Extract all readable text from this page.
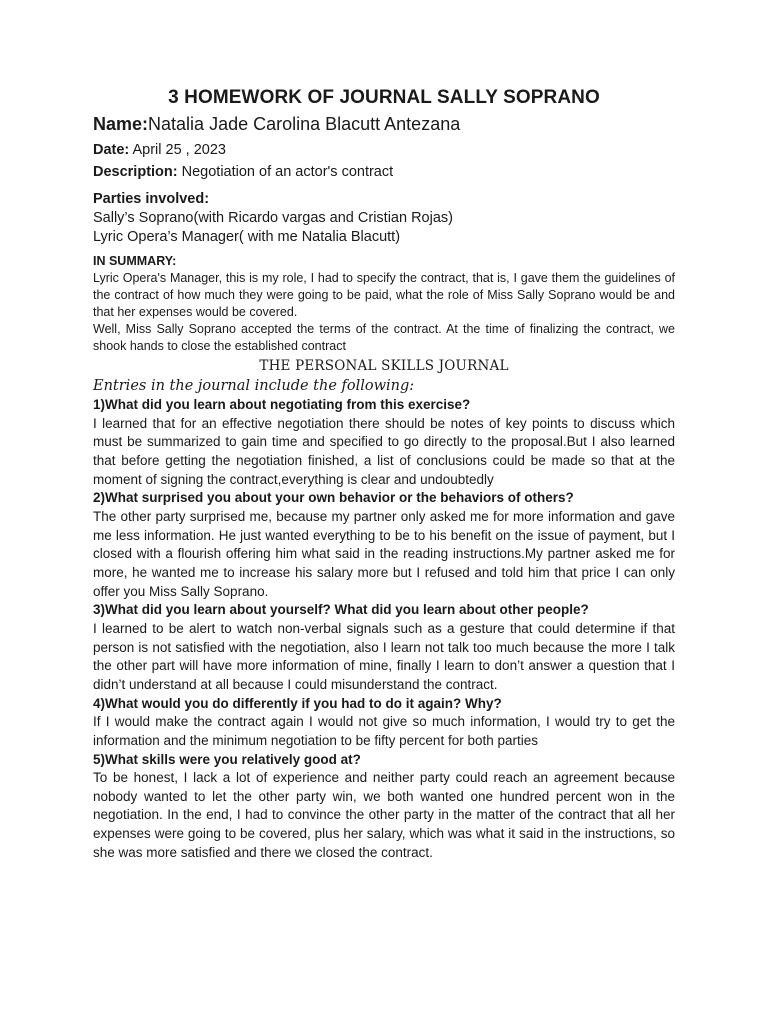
3 HOMEWORK OF JOURNAL SALLY SOPRANO

Name:Natalia Jade Carolina Blacutt Antezana

Date: April 25 , 2023

Description: Negotiation of an actor's contract

Parties involved:

Sally’s Soprano(with Ricardo vargas and Cristian Rojas)

Lyric Opera’s Manager( with me Natalia Blacutt)

IN SUMMARY:

Lyric Opera's Manager, this is my role, I had to specify the contract, that is, I gave them the guidelines of the contract of how much they were going to be paid, what the role of Miss Sally Soprano would be and that her expenses would be covered.

Well, Miss Sally Soprano accepted the terms of the contract. At the time of finalizing the contract, we shook hands to close the established contract

THE PERSONAL SKILLS JOURNAL

Entries in the journal include the following:

1)What did you learn about negotiating from this exercise?

I learned that for an effective negotiation there should be notes of key points to discuss which must be summarized to gain time and specified to go directly to the proposal.But I also learned that before getting the negotiation finished, a list of conclusions could be made so that at the moment of signing the contract,everything is clear and undoubtedly

2)What surprised you about your own behavior or the behaviors of others?

The other party surprised me, because my partner only asked me for more information and gave me less information. He just wanted everything to be to his benefit on the issue of payment, but I closed with a flourish offering him what said in the reading instructions.My partner asked me for more, he wanted me to increase his salary more but I refused and told him that price I can only offer you Miss Sally Soprano.

3)What did you learn about yourself? What did you learn about other people?

I learned to be alert to watch non-verbal signals such as a gesture that could determine if that person is not satisfied with the negotiation, also I learn not talk too much because the more I talk the other part will have more information of mine, finally I learn to don’t answer a question that I didn’t understand at all because I could misunderstand the contract.

4)What would you do differently if you had to do it again? Why?

If I would make the contract again I would not give so much information, I would try to get the information and the minimum negotiation to be fifty percent for both parties

5)What skills were you relatively good at?

To be honest, I lack a lot of experience and neither party could reach an agreement because nobody wanted to let the other party win, we both wanted one hundred percent won in the negotiation. In the end, I had to convince the other party in the matter of the contract that all her expenses were going to be covered, plus her salary, which was what it said in the instructions, so she was more satisfied and there we closed the contract.
